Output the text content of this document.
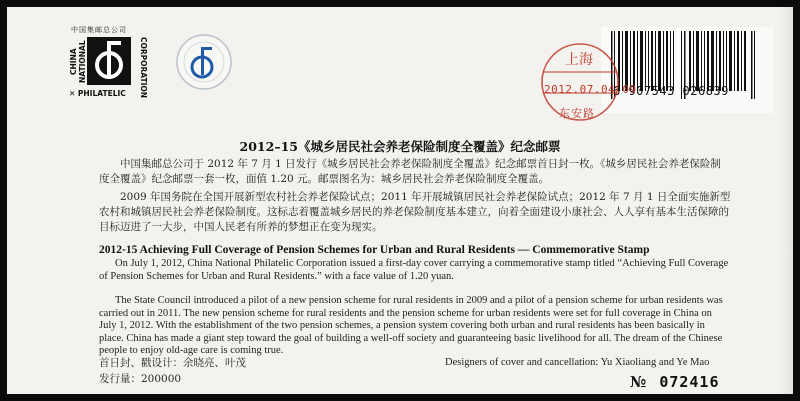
中国集邮总公司
CHINA NATIONAL	CORPORATION
✕ PHILATELIC	6 907543 026839
上海
2012.07.04.09
东安路
2012–15《城乡居民社会养老保险制度全覆盖》纪念邮票

中国集邮总公司于 2012 年 7 月 1 日发行《城乡居民社会养老保险制度全覆盖》纪念邮票首日封一枚。《城乡居民社会养老保险制度全覆盖》纪念邮票一套一枚，面值 1.20 元。邮票图名为：城乡居民社会养老保险制度全覆盖。

2009 年国务院在全国开展新型农村社会养老保险试点；2011 年开展城镇居民社会养老保险试点；2012 年 7 月 1 日全面实施新型农村和城镇居民社会养老保险制度。这标志着覆盖城乡居民的养老保险制度基本建立，向着全面建设小康社会、人人享有基本生活保障的目标迈进了一大步，中国人民老有所养的梦想正在变为现实。

2012-15 Achieving Full Coverage of Pension Schemes for Urban and Rural Residents — Commemorative Stamp

On July 1, 2012, China National Philatelic Corporation issued a first-day cover carrying a commemorative stamp titled “Achieving Full Coverage of Pension Schemes for Urban and Rural Residents.” with a face value of 1.20 yuan.

The State Council introduced a pilot of a new pension scheme for rural residents in 2009 and a pilot of a pension scheme for urban residents was carried out in 2011. The new pension scheme for rural residents and the pension scheme for urban residents were set for full coverage in China on July 1, 2012. With the establishment of the two pension schemes, a pension system covering both urban and rural residents has been basically in place. China has made a giant step toward the goal of building a well-off society and guaranteeing basic livelihood for all. The dream of the Chinese people to enjoy old-age care is coming true.

首日封、戳设计：余晓亮、叶茂
发行量：200000
Designers of cover and cancellation: Yu Xiaoliang and Ye Mao
№ 072416
